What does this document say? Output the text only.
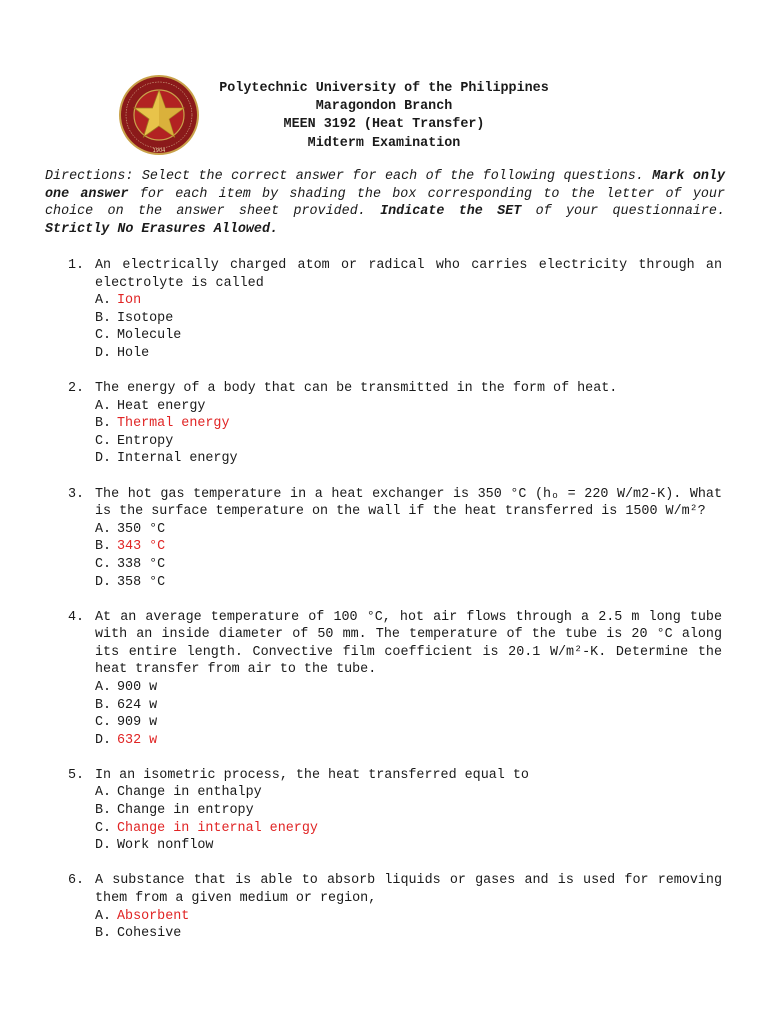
1904
Polytechnic University of the Philippines
Maragondon Branch
MEEN 3192 (Heat Transfer)
Midterm Examination
Directions: Select the correct answer for each of the following questions. Mark only one answer for each item by shading the box corresponding to the letter of your choice on the answer sheet provided. Indicate the SET of your questionnaire. Strictly No Erasures Allowed.
1. An electrically charged atom or radical who carries electricity through an electrolyte is called
A. Ion
B. Isotope
C. Molecule
D. Hole
2. The energy of a body that can be transmitted in the form of heat.
A. Heat energy
B. Thermal energy
C. Entropy
D. Internal energy
3. The hot gas temperature in a heat exchanger is 350 °C (hₒ = 220 W/m2-K). What is the surface temperature on the wall if the heat transferred is 1500 W/m²?
A. 350 °C
B. 343 °C
C. 338 °C
D. 358 °C
4. At an average temperature of 100 °C, hot air flows through a 2.5 m long tube with an inside diameter of 50 mm. The temperature of the tube is 20 °C along its entire length. Convective film coefficient is 20.1 W/m²-K. Determine the heat transfer from air to the tube.
A. 900 w
B. 624 w
C. 909 w
D. 632 w
5. In an isometric process, the heat transferred equal to
A. Change in enthalpy
B. Change in entropy
C. Change in internal energy
D. Work nonflow
6. A substance that is able to absorb liquids or gases and is used for removing them from a given medium or region,
A. Absorbent
B. Cohesive
